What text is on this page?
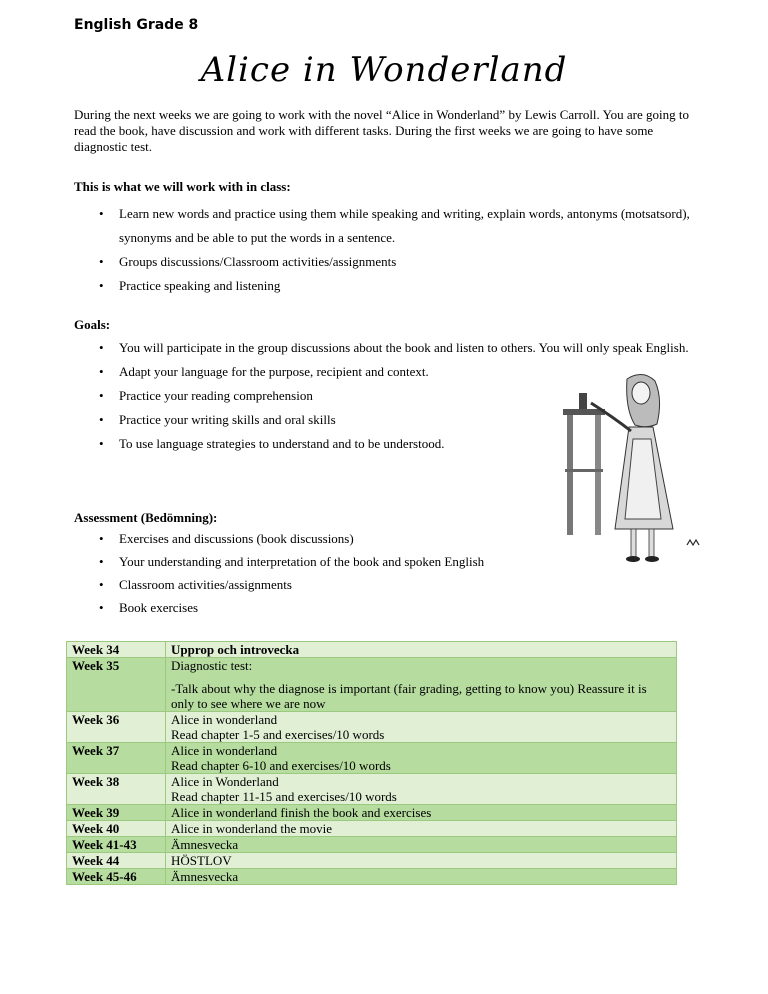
English Grade 8
Alice in Wonderland
During the next weeks we are going to work with the novel “Alice in Wonderland” by Lewis Carroll. You are going to read the book, have discussion and work with different tasks. During the first weeks we are going to have some diagnostic test.
This is what we will work with in class:
• Learn new words and practice using them while speaking and writing, explain words, antonyms (motsatsord), synonyms and be able to put the words in a sentence.
• Groups discussions/Classroom activities/assignments
• Practice speaking and listening
Goals:
• You will participate in the group discussions about the book and listen to others. You will only speak English.
• Adapt your language for the purpose, recipient and context.
• Practice your reading comprehension
• Practice your writing skills and oral skills
• To use language strategies to understand and to be understood.
Assessment (Bedömning):
• Exercises and discussions (book discussions)
• Your understanding and interpretation of the book and spoken English
• Classroom activities/assignments
• Book exercises
Week 34	Upprop och introvecka

Week 35	Diagnostic test:
-Talk about why the diagnose is important (fair grading, getting to know you) Reassure it is only to see where we are now

Week 36	Alice in wonderland
Read chapter 1-5 and exercises/10 words

Week 37	Alice in wonderland
Read chapter 6-10 and exercises/10 words

Week 38	Alice in Wonderland
Read chapter 11-15 and exercises/10 words

Week 39	Alice in wonderland finish the book and exercises
Week 40	Alice in wonderland the movie
Week 41-43	Ämnesvecka
Week 44	HÖSTLOV
Week 45-46	Ämnesvecka
